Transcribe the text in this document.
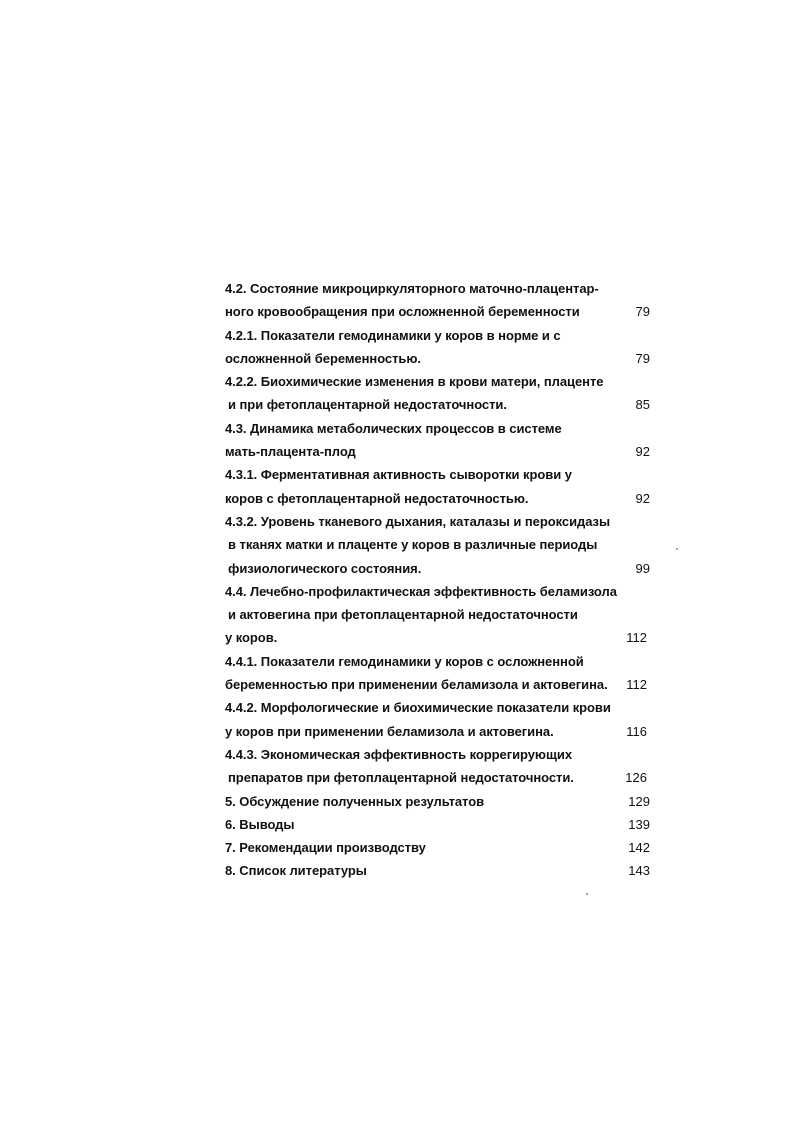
4.2. Состояние микроциркуляторного маточно-плацентар-
ного кровообращения при осложненной беременности	79
4.2.1. Показатели гемодинамики у коров в норме и с
осложненной беременностью.	79
4.2.2. Биохимические изменения в крови матери, плаценте
и при фетоплацентарной недостаточности.	85
4.3. Динамика метаболических процессов в системе
мать-плацента-плод	92
4.3.1. Ферментативная активность сыворотки крови у
коров с фетоплацентарной недостаточностью.	92
4.3.2. Уровень тканевого дыхания, каталазы и пероксидазы
в тканях матки и плаценте у коров в различные периоды
физиологического состояния.	99
4.4. Лечебно-профилактическая эффективность беламизола
и актовегина при фетоплацентарной недостаточности
у коров.	112
4.4.1. Показатели гемодинамики у коров с осложненной
беременностью при применении беламизола и актовегина. 112
4.4.2. Морфологические и биохимические показатели крови
у коров при применении беламизола и актовегина.	116
4.4.3. Экономическая эффективность коррегирующих
препаратов при фетоплацентарной недостаточности.	126
5. Обсуждение полученных результатов	129
6. Выводы	139
7. Рекомендации производству	142
8. Список литературы	143
